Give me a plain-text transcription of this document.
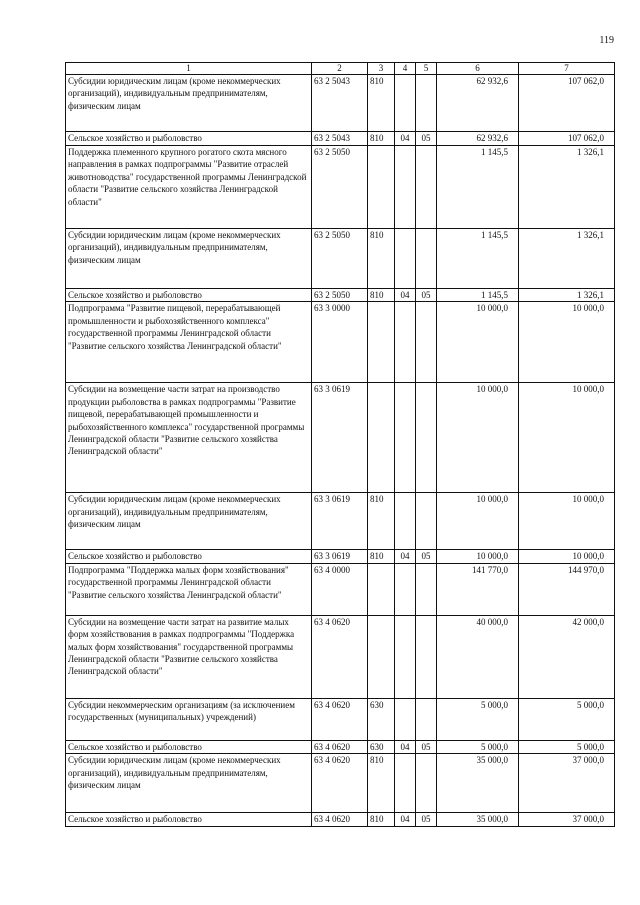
119
1	2	3	4	5	6	7
Субсидии юридическим лицам (кроме некоммерческих организаций), индивидуальным предпринимателям, физическим лицам	63 2 5043	810			62 932,6	107 062,0
Сельское хозяйство и рыболовство	63 2 5043	810	04	05	62 932,6	107 062,0
Поддержка племенного крупного рогатого скота мясного направления в рамках подпрограммы "Развитие отраслей животноводства" государственной программы Ленинградской области "Развитие сельского хозяйства Ленинградской области"	63 2 5050				1 145,5	1 326,1
Субсидии юридическим лицам (кроме некоммерческих организаций), индивидуальным предпринимателям, физическим лицам	63 2 5050	810			1 145,5	1 326,1
Сельское хозяйство и рыболовство	63 2 5050	810	04	05	1 145,5	1 326,1
Подпрограмма "Развитие пищевой, перерабатывающей промышленности и рыбохозяйственного комплекса" государственной программы Ленинградской области "Развитие сельского хозяйства Ленинградской области"	63 3 0000				10 000,0	10 000,0
Субсидии на возмещение части затрат на производство продукции рыболовства в рамках подпрограммы "Развитие пищевой, перерабатывающей промышленности и рыбохозяйственного комплекса" государственной программы Ленинградской области "Развитие сельского хозяйства Ленинградской области"	63 3 0619				10 000,0	10 000,0
Субсидии юридическим лицам (кроме некоммерческих организаций), индивидуальным предпринимателям, физическим лицам	63 3 0619	810			10 000,0	10 000,0
Сельское хозяйство и рыболовство	63 3 0619	810	04	05	10 000,0	10 000,0
Подпрограмма "Поддержка малых форм хозяйствования" государственной программы Ленинградской области "Развитие сельского хозяйства Ленинградской области"	63 4 0000				141 770,0	144 970,0
Субсидии на возмещение части затрат на развитие малых форм хозяйствования в рамках подпрограммы "Поддержка малых форм хозяйствования" государственной программы Ленинградской области "Развитие сельского хозяйства Ленинградской области"	63 4 0620				40 000,0	42 000,0
Субсидии некоммерческим организациям (за исключением государственных (муниципальных) учреждений)	63 4 0620	630			5 000,0	5 000,0
Сельское хозяйство и рыболовство	63 4 0620	630	04	05	5 000,0	5 000,0
Субсидии юридическим лицам (кроме некоммерческих организаций), индивидуальным предпринимателям, физическим лицам	63 4 0620	810			35 000,0	37 000,0
Сельское хозяйство и рыболовство	63 4 0620	810	04	05	35 000,0	37 000,0
